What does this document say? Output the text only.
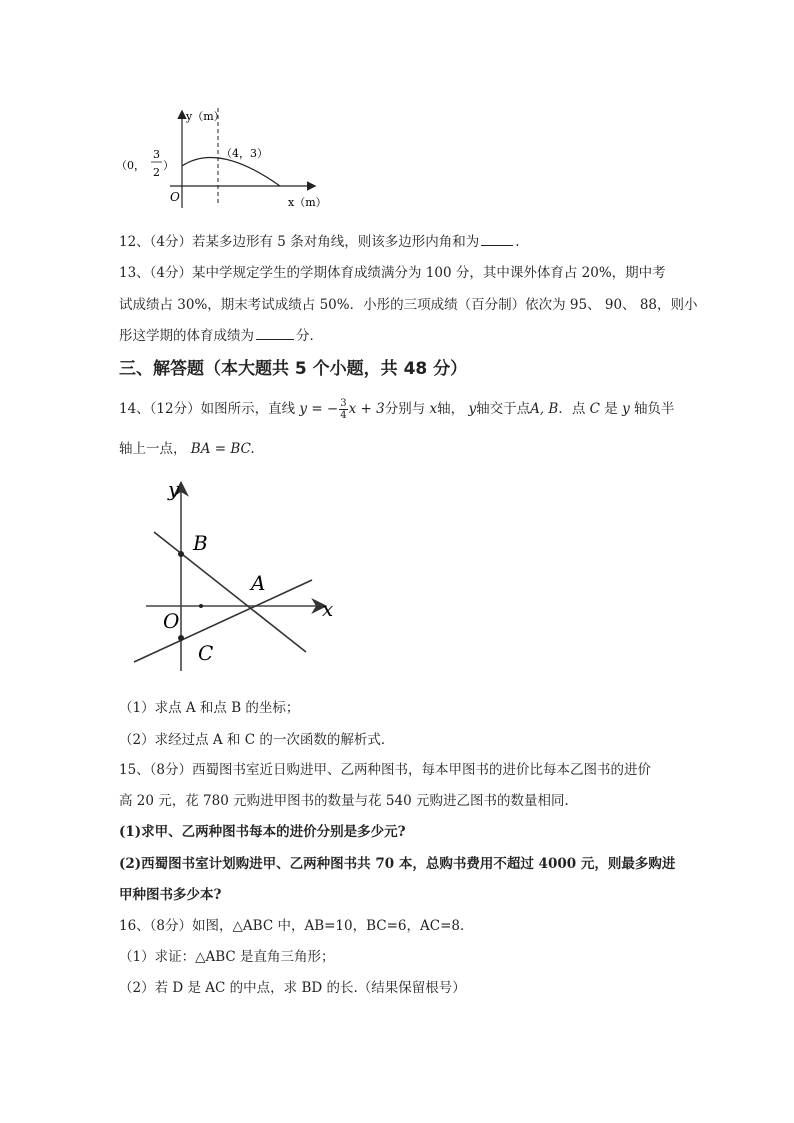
y（m）
x（m）
O
（0，
3
2
）
（4，3）
12、（4分）若某多边形有 5 条对角线，则该多边形内角和为	.
13、（4分）某中学规定学生的学期体育成绩满分为 100 分，其中课外体育占 20%，期中考
试成绩占 30%，期末考试成绩占 50%．小彤的三项成绩（百分制）依次为 95、 90、 88，则小
彤这学期的体育成绩为	分．
三、解答题（本大题共 5 个小题，共 48 分）
14、（12分）如图所示，直线 y = − $\frac{3}{4}$ x + 3分别与 x轴， y轴交于点A, B．点 C 是 y 轴负半
轴上一点， BA = BC.
y
x
B
A
O
C
（1）求点 A 和点 B 的坐标；
（2）求经过点 A 和 C 的一次函数的解析式．
15、（8分）西蜀图书室近日购进甲、乙两种图书，每本甲图书的进价比每本乙图书的进价
高 20 元，花 780 元购进甲图书的数量与花 540 元购进乙图书的数量相同.
(1)求甲、乙两种图书每本的进价分别是多少元?
(2)西蜀图书室计划购进甲、乙两种图书共 70 本，总购书费用不超过 4000 元，则最多购进
甲种图书多少本?
16、（8分）如图，△ABC 中，AB=10，BC=6，AC=8．
（1）求证：△ABC 是直角三角形；
（2）若 D 是 AC 的中点，求 BD 的长.（结果保留根号）
